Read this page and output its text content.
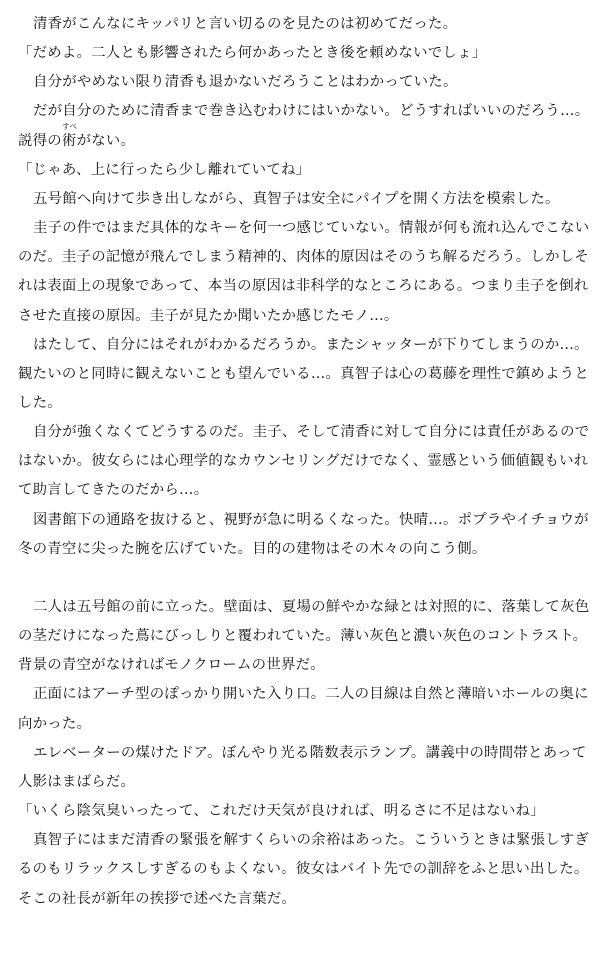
清香がこんなにキッパリと言い切るのを見たのは初めてだった。
「だめよ。二人とも影響されたら何かあったとき後を頼めないでしょ」
自分がやめない限り清香も退かないだろうことはわかっていた。
だが自分のために清香まで巻き込むわけにはいかない。どうすればいいのだろう…。
説得の術がない。
「じゃあ、上に行ったら少し離れていてね」
五号館へ向けて歩き出しながら、真智子は安全にパイプを開く方法を模索した。
圭子の件ではまだ具体的なキーを何一つ感じていない。情報が何も流れ込んでこない
のだ。圭子の記憶が飛んでしまう精神的、肉体的原因はそのうち解るだろう。しかしそ
れは表面上の現象であって、本当の原因は非科学的なところにある。つまり圭子を倒れ
させた直接の原因。圭子が見たか聞いたか感じたモノ…。
はたして、自分にはそれがわかるだろうか。またシャッターが下りてしまうのか…。
観たいのと同時に観えないことも望んでいる…。真智子は心の葛藤を理性で鎮めようと
した。
自分が強くなくてどうするのだ。圭子、そして清香に対して自分には責任があるので
はないか。彼女らには心理学的なカウンセリングだけでなく、霊感という価値観もいれ
て助言してきたのだから…。
図書館下の通路を抜けると、視野が急に明るくなった。快晴…。ポプラやイチョウが
冬の青空に尖った腕を広げていた。目的の建物はその木々の向こう側。
二人は五号館の前に立った。壁面は、夏場の鮮やかな緑とは対照的に、落葉して灰色
の茎だけになった蔦にびっしりと覆われていた。薄い灰色と濃い灰色のコントラスト。
背景の青空がなければモノクロームの世界だ。
正面にはアーチ型のぽっかり開いた入り口。二人の目線は自然と薄暗いホールの奥に
向かった。
エレベーターの煤けたドア。ぼんやり光る階数表示ランプ。講義中の時間帯とあって
人影はまばらだ。
「いくら陰気臭いったって、これだけ天気が良ければ、明るさに不足はないね」
真智子にはまだ清香の緊張を解すくらいの余裕はあった。こういうときは緊張しすぎ
るのもリラックスしすぎるのもよくない。彼女はバイト先での訓辞をふと思い出した。
そこの社長が新年の挨拶で述べた言葉だ。
すべ
